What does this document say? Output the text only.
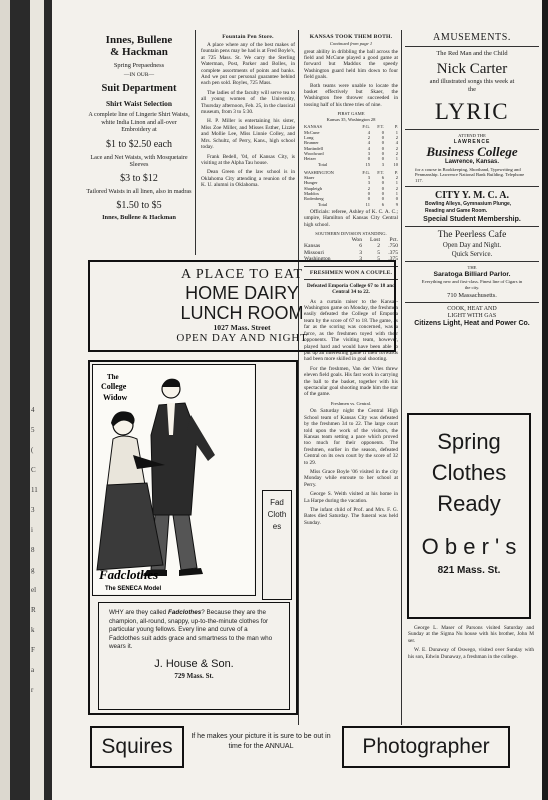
4
5
(
C
11
3
i
8
g
el
R
k
F
a
r
Innes, Bullene
& Hackman
Spring Prepaedness
—IN OUR—
Suit Department
Shirt Waist Selection
A complete line of Lingerie Shirt Waists, white India Linon and all-over Embroidery at
$1 to $2.50 each
Lace and Net Waists, with Mosquetaire Sleeves
$3 to $12
Tailored Waists in all linen, also in madras
$1.50 to $5
Innes, Bullene & Hackman
Fountain Pen Store.
A place where any of the best makes of fountain pens may be had is at Fred Boyle's, at 725 Mass. St. We carry the Sterling Waterman, Post, Parker and Bolles, in complete assortments of points and banks. And we put our personal guarantee behind each pen sold. Boyles, 725 Mass.
The ladies of the faculty will serve tea to all young women of the University, Thursday afternoon, Feb. 25, in the classical museum, from 3 to 5:30.
H. P. Miller is entertaining his sister, Miss Zoe Miller, and Misses Esther, Lizzie and Mollie Lee, Miss Linnie Colley, and Mrs. Schultz, of Perry, Kans., high school today.
Frank Bedell, '04, of Kansas City, is visiting at the Alpha Tau house.
Dean Green of the law school is in Oklahoma City attending a reunion of the K. U. alumni in Oklahoma.
KANSAS TOOK THEM BOTH.
Continued from page 1
great ability in dribbling the ball across the field and McCune played a good game at forward but Maddox the speedy Washington guard held him down to four field goals.
Both teams were unable to locate the basket effectively but Skaer, the Washington free thrower succeeded in tossing half of his three tries of nine.
FIRST GAME
Kansas 35, Washington 28
KANSAS	F.G.	F.T.	P.
McCune	4	0	1
Long	2	0	2
Brunner	4	0	4
Martindell	4	0	2
Woodward	3	0	2
Heizer	0	0	1
Total	15	3	10
WASHINGTON	F.G.	F.T.	P.
Skaer	3	6	2
Hunger	3	0	1
Shapleigh	2	0	2
Maddox	0	0	1
Rodenberg	0	0	0
Total	11	6	9
Officials: referee, Ashley of K. C. A. C.; umpire, Hamilton of Kansas City Central high school.
SOUTHERN DIVISION STANDING.
	Won	Lost	Pct.
Kansas	6	2	.750
Missouri	3	5	.375
Washington	3	5	.375
FRESHMEN WON A COUPLE.
Defeated Emporia College 67 to 18 and Central 34 to 22.
As a curtain raiser to the Kansas-Washington game on Monday, the freshmen easily defeated the College of Emporia team by the score of 67 to 18. The game, as far as the scoring was concerned, was a farce, as the freshmen toyed with their opponents. The visiting team, however, played hard and would have been able to put up an interesting game if their forwards had been more skilled in goal shooting.
For the freshmen, Van der Vries threw eleven field goals. His fast work in carrying the ball to the basket, together with his spectacular goal shooting made him the star of the game.
Freshmen vs. Central.
On Saturday night the Central High School team of Kansas City was defeated by the freshmen 34 to 22. The large court told upon the work of the visitors, the Kansas team setting a pace which proved too much for their opponents. The freshmen, earlier in the season, defeated Central on its own court by the score of 32 to 29.
Miss Grace Boyle '06 visited in the city Monday while enroute to her school at Perry.
George S. Weith visited at his home in La Harpe during the vacation.
The infant child of Prof. and Mrs. F. G. Bates died Saturday. The funeral was held Sunday.
AMUSEMENTS.
The Red Man and the Child
Nick Carter
and illustrated songs this week at the
LYRIC
ATTEND THE
LAWRENCE
Business College
Lawrence, Kansas.
for a course in Bookkeeping, Shorthand, Typewriting and Penmanship. Lawrence National Bank Building. Telephone 117.
CITY Y. M. C. A.
Bowling Alleys, Gymnasium Plunge, Reading and Game Room.
Special Student Membership.
The Peerless Cafe
Open Day and Night.
Quick Service.
THE
Saratoga Billiard Parlor.
Everything new and first-class. Finest line of Cigars in the city.
710 Massachusetts.
COOK, HEAT AND
LIGHT WITH GAS
Citizens Light, Heat and Power Co.
Spring
Clothes
Ready
O b e r ' s
821 Mass. St.
George L. Maser of Parsons visited Saturday and Sunday at the Sigma Nu house with his brother, John M ser.
W. E. Dunaway of Oswego, visited over Sunday with his son, Edwin Dunaway, a freshman in the college.
A PLACE TO EAT
HOME DAIRY
LUNCH ROOM
1027 Mass. Street
OPEN DAY AND NIGHT
The
College
Widow
Fadclothes
The SENECA Model
Fad Clothes
WHY are they called Fadclothes? Because they are the champion, all-round, snappy, up-to-the-minute clothes for particular young fellows. Every line and curve of a Fadclothes suit adds grace and smartness to the man who wears it.
J. House & Son.
729 Mass. St.
Squires	If he makes your picture it is sure to be out in time for the ANNUAL	Photographer
